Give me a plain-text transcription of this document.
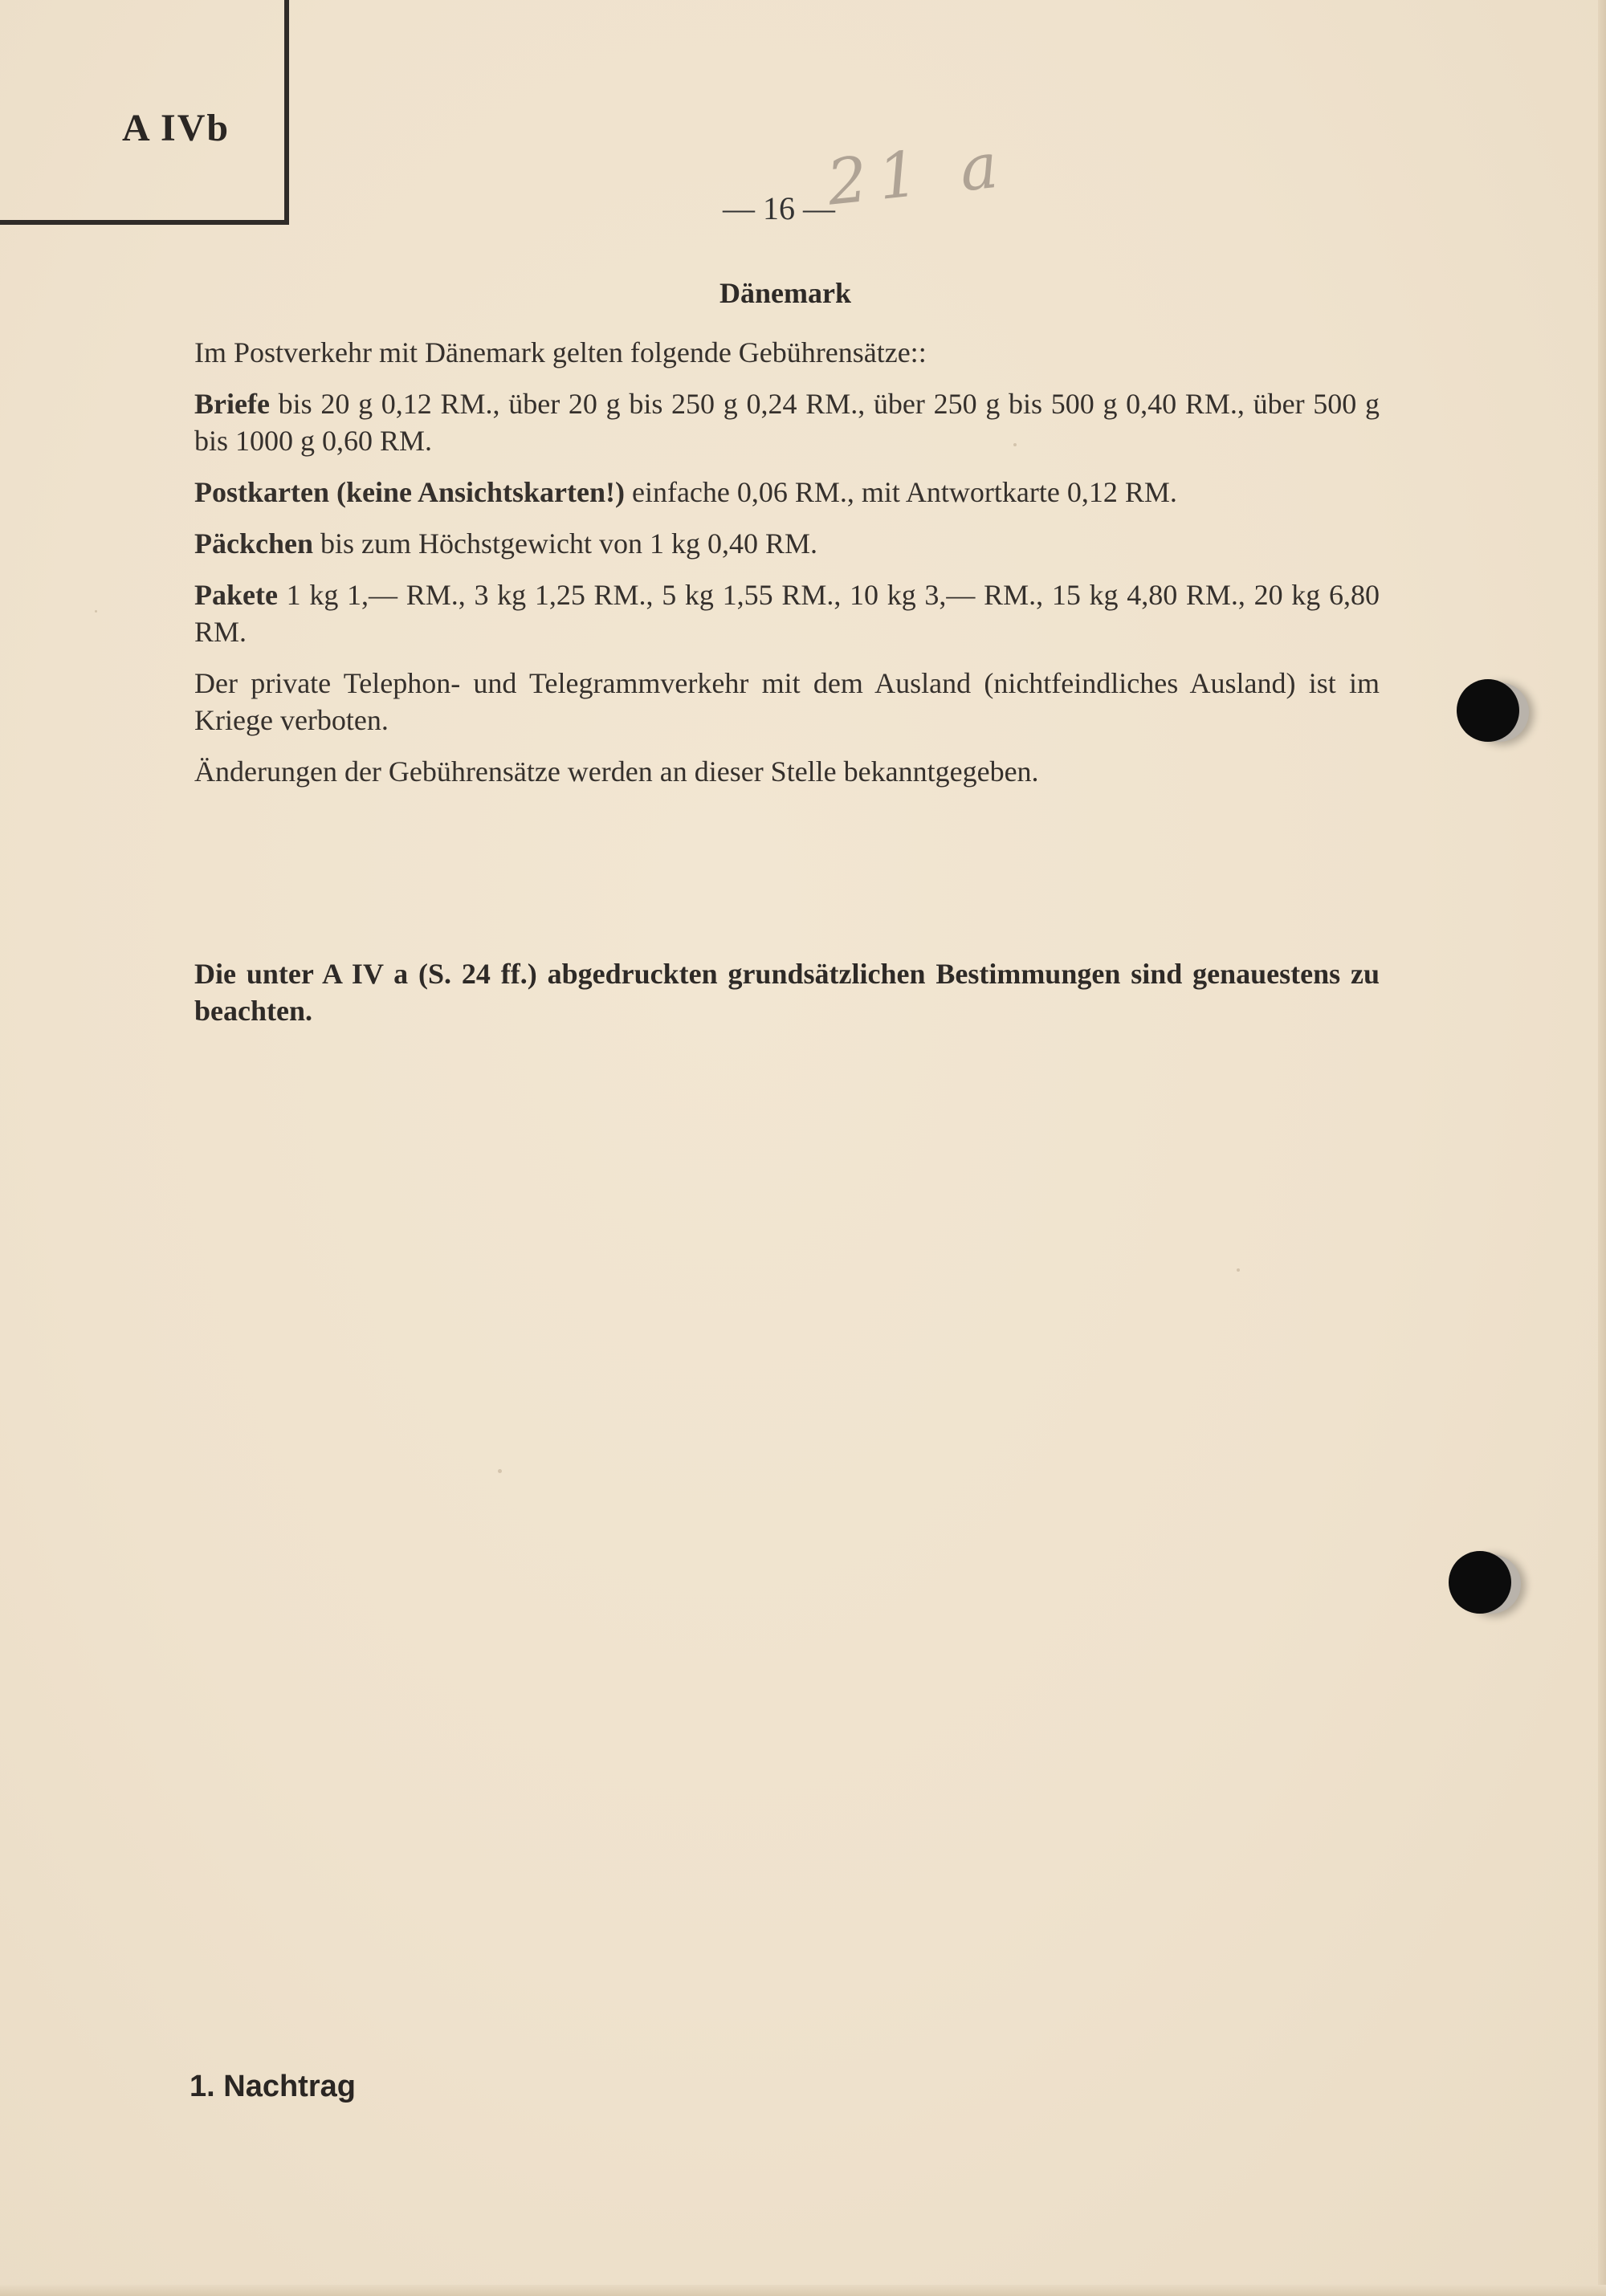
A IVb
— 16 —
21 a
Dänemark

Im Postverkehr mit Dänemark gelten folgende Gebührensätze::

Briefe bis 20 g 0,12 RM., über 20 g bis 250 g 0,24 RM., über 250 g bis 500 g 0,40 RM., über 500 g bis 1000 g 0,60 RM.

Postkarten (keine Ansichtskarten!) einfache 0,06 RM., mit Antwortkarte 0,12 RM.

Päckchen bis zum Höchstgewicht von 1 kg 0,40 RM.

Pakete 1 kg 1,— RM., 3 kg 1,25 RM., 5 kg 1,55 RM., 10 kg 3,— RM., 15 kg 4,80 RM., 20 kg 6,80 RM.

Der private Telephon- und Telegrammverkehr mit dem Ausland (nichtfeindliches Ausland) ist im Kriege verboten.

Änderungen der Gebührensätze werden an dieser Stelle bekanntgegeben.

Die unter A IV a (S. 24 ff.) abgedruckten grundsätzlichen Bestimmungen sind genauestens zu beachten.
1. Nachtrag
